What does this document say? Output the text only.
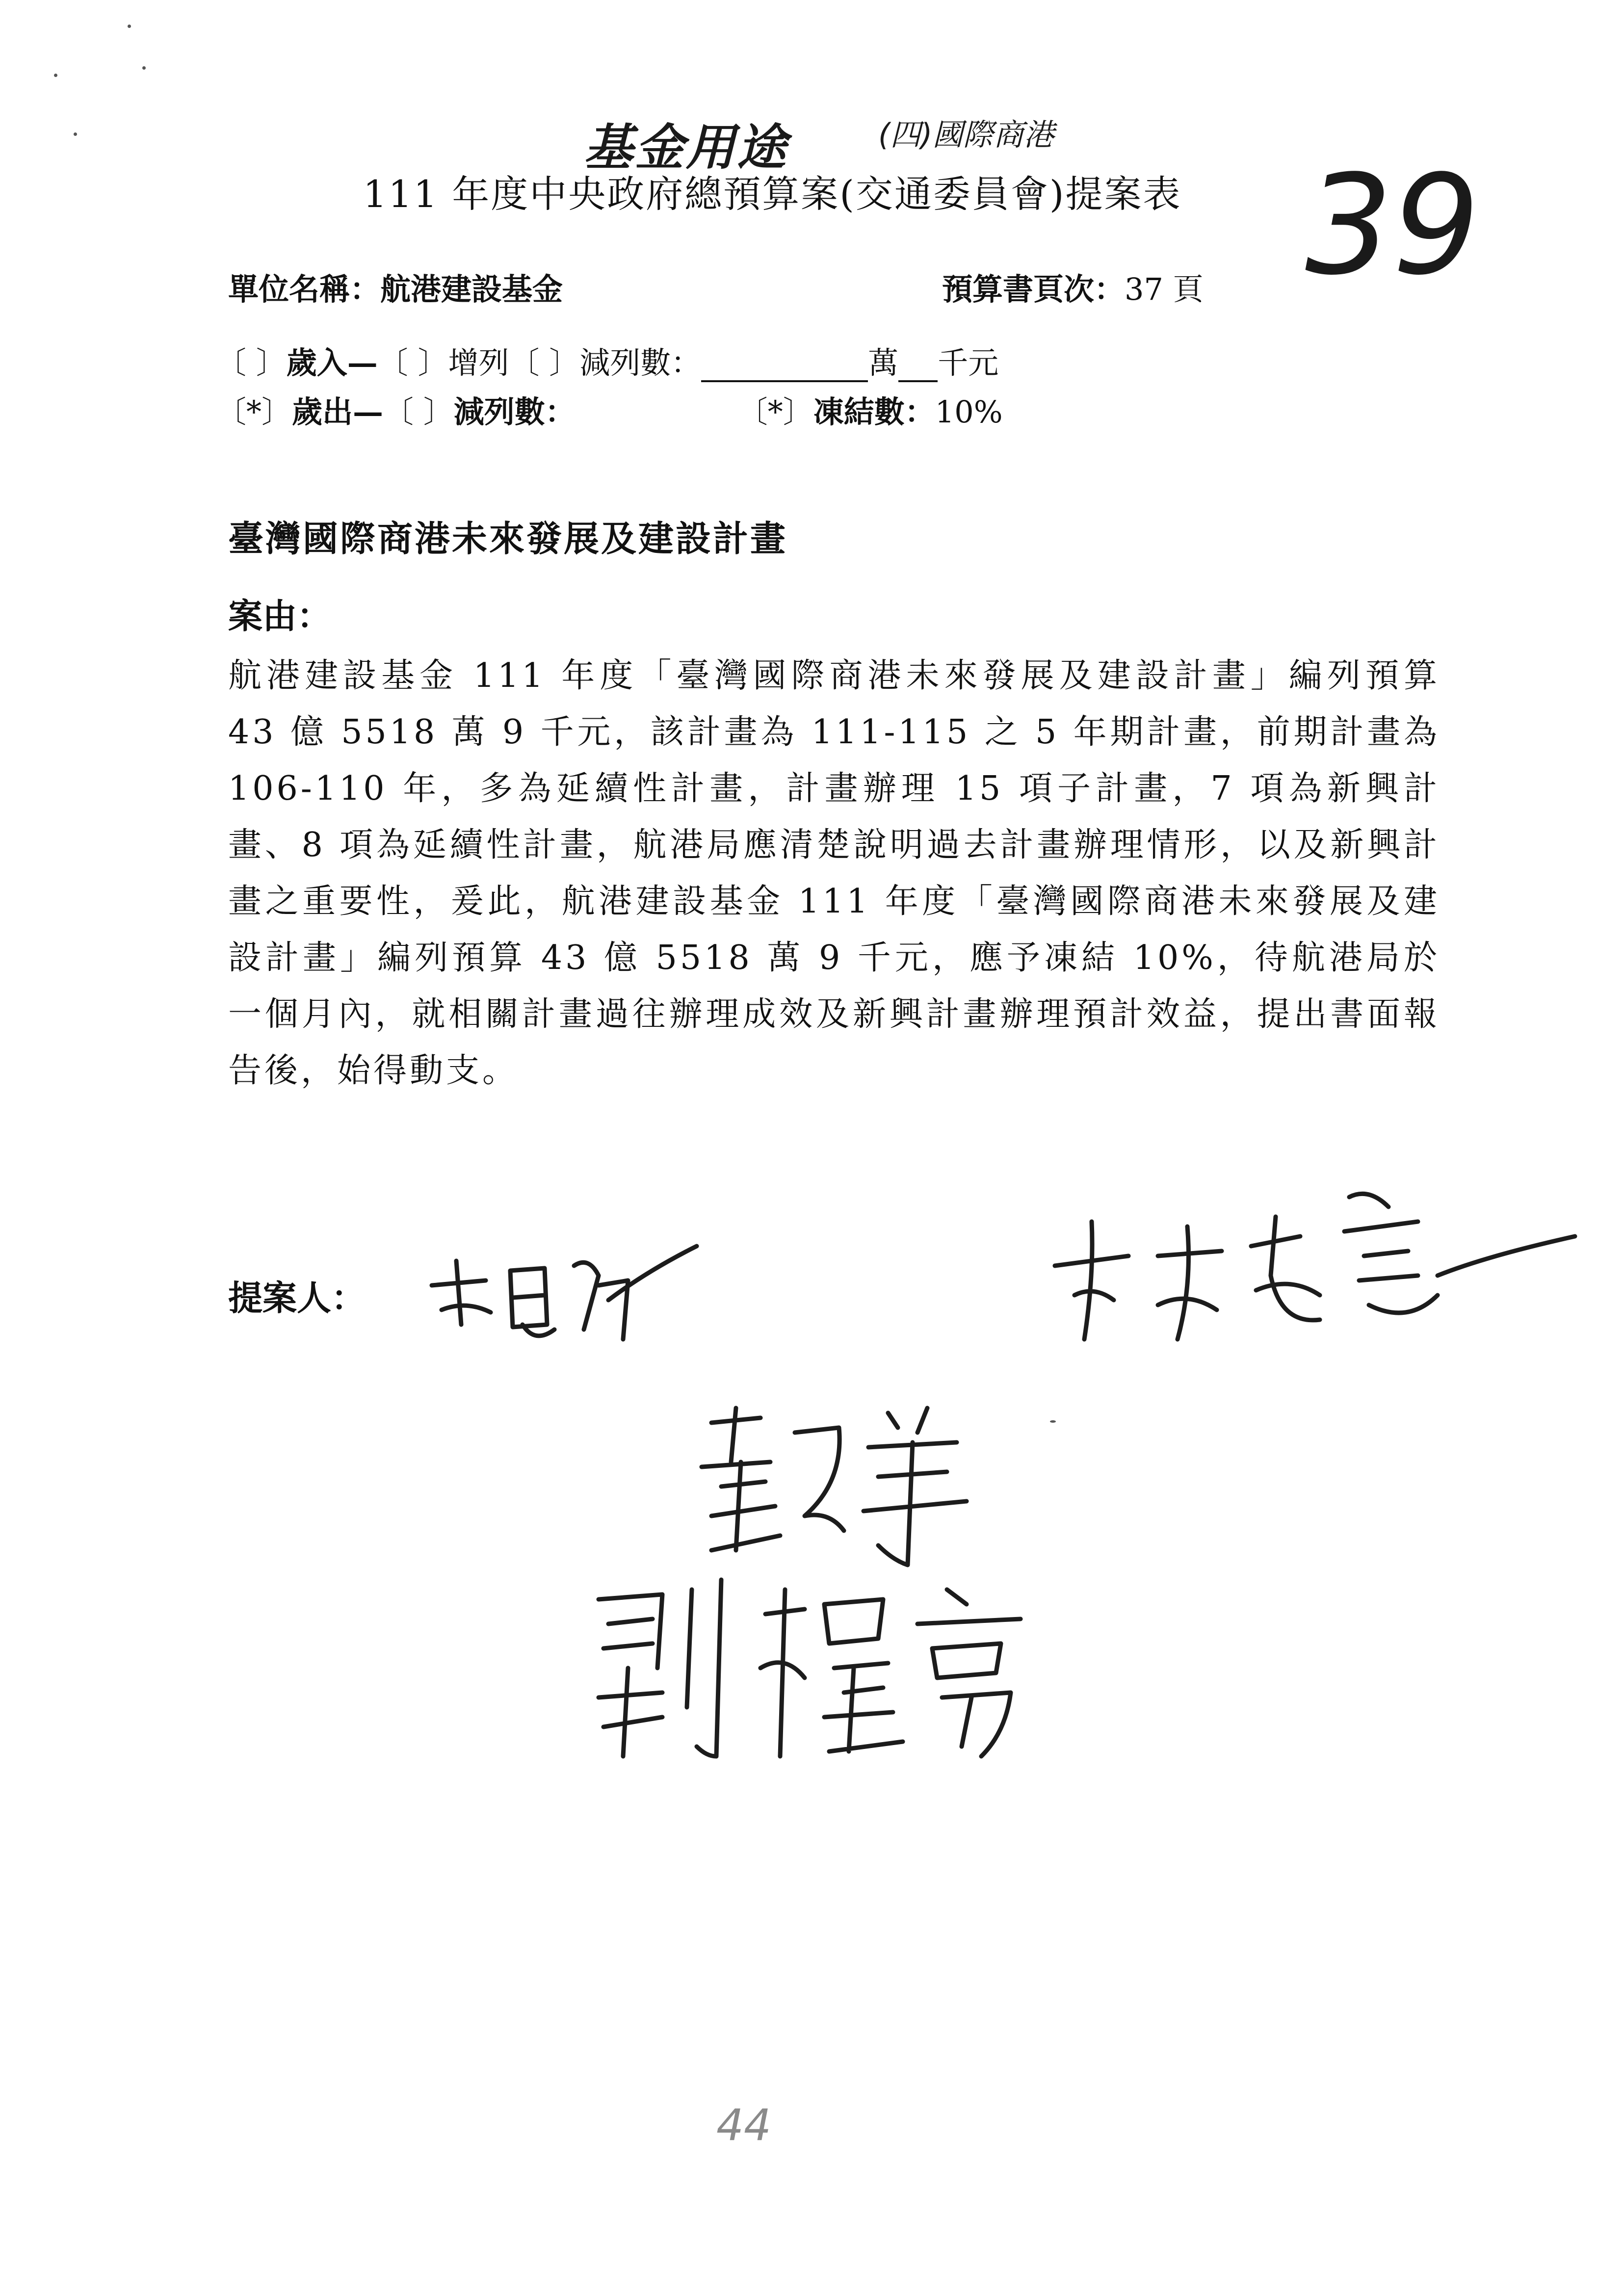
基金用途	(四)國際商港
39
111 年度中央政府總預算案(交通委員會)提案表
單位名稱：航港建設基金	預算書頁次：37 頁
〔 〕歲入—〔 〕增列〔 〕減列數：	萬 千元
〔*〕歲出—〔 〕減列數：	〔*〕凍結數：10%
臺灣國際商港未來發展及建設計畫
案由：
航港建設基金 111 年度「臺灣國際商港未來發展及建設計畫」編列預算 43 億 5518 萬 9 千元，該計畫為 111-115 之 5 年期計畫，前期計畫為 106-110 年，多為延續性計畫，計畫辦理 15 項子計畫，7 項為新興計畫、8 項為延續性計畫，航港局應清楚說明過去計畫辦理情形，以及新興計畫之重要性，爰此，航港建設基金 111 年度「臺灣國際商港未來發展及建設計畫」編列預算 43 億 5518 萬 9 千元，應予凍結 10%，待航港局於一個月內，就相關計畫過往辦理成效及新興計畫辦理預計效益，提出書面報告後，始得動支。
提案人：
44
